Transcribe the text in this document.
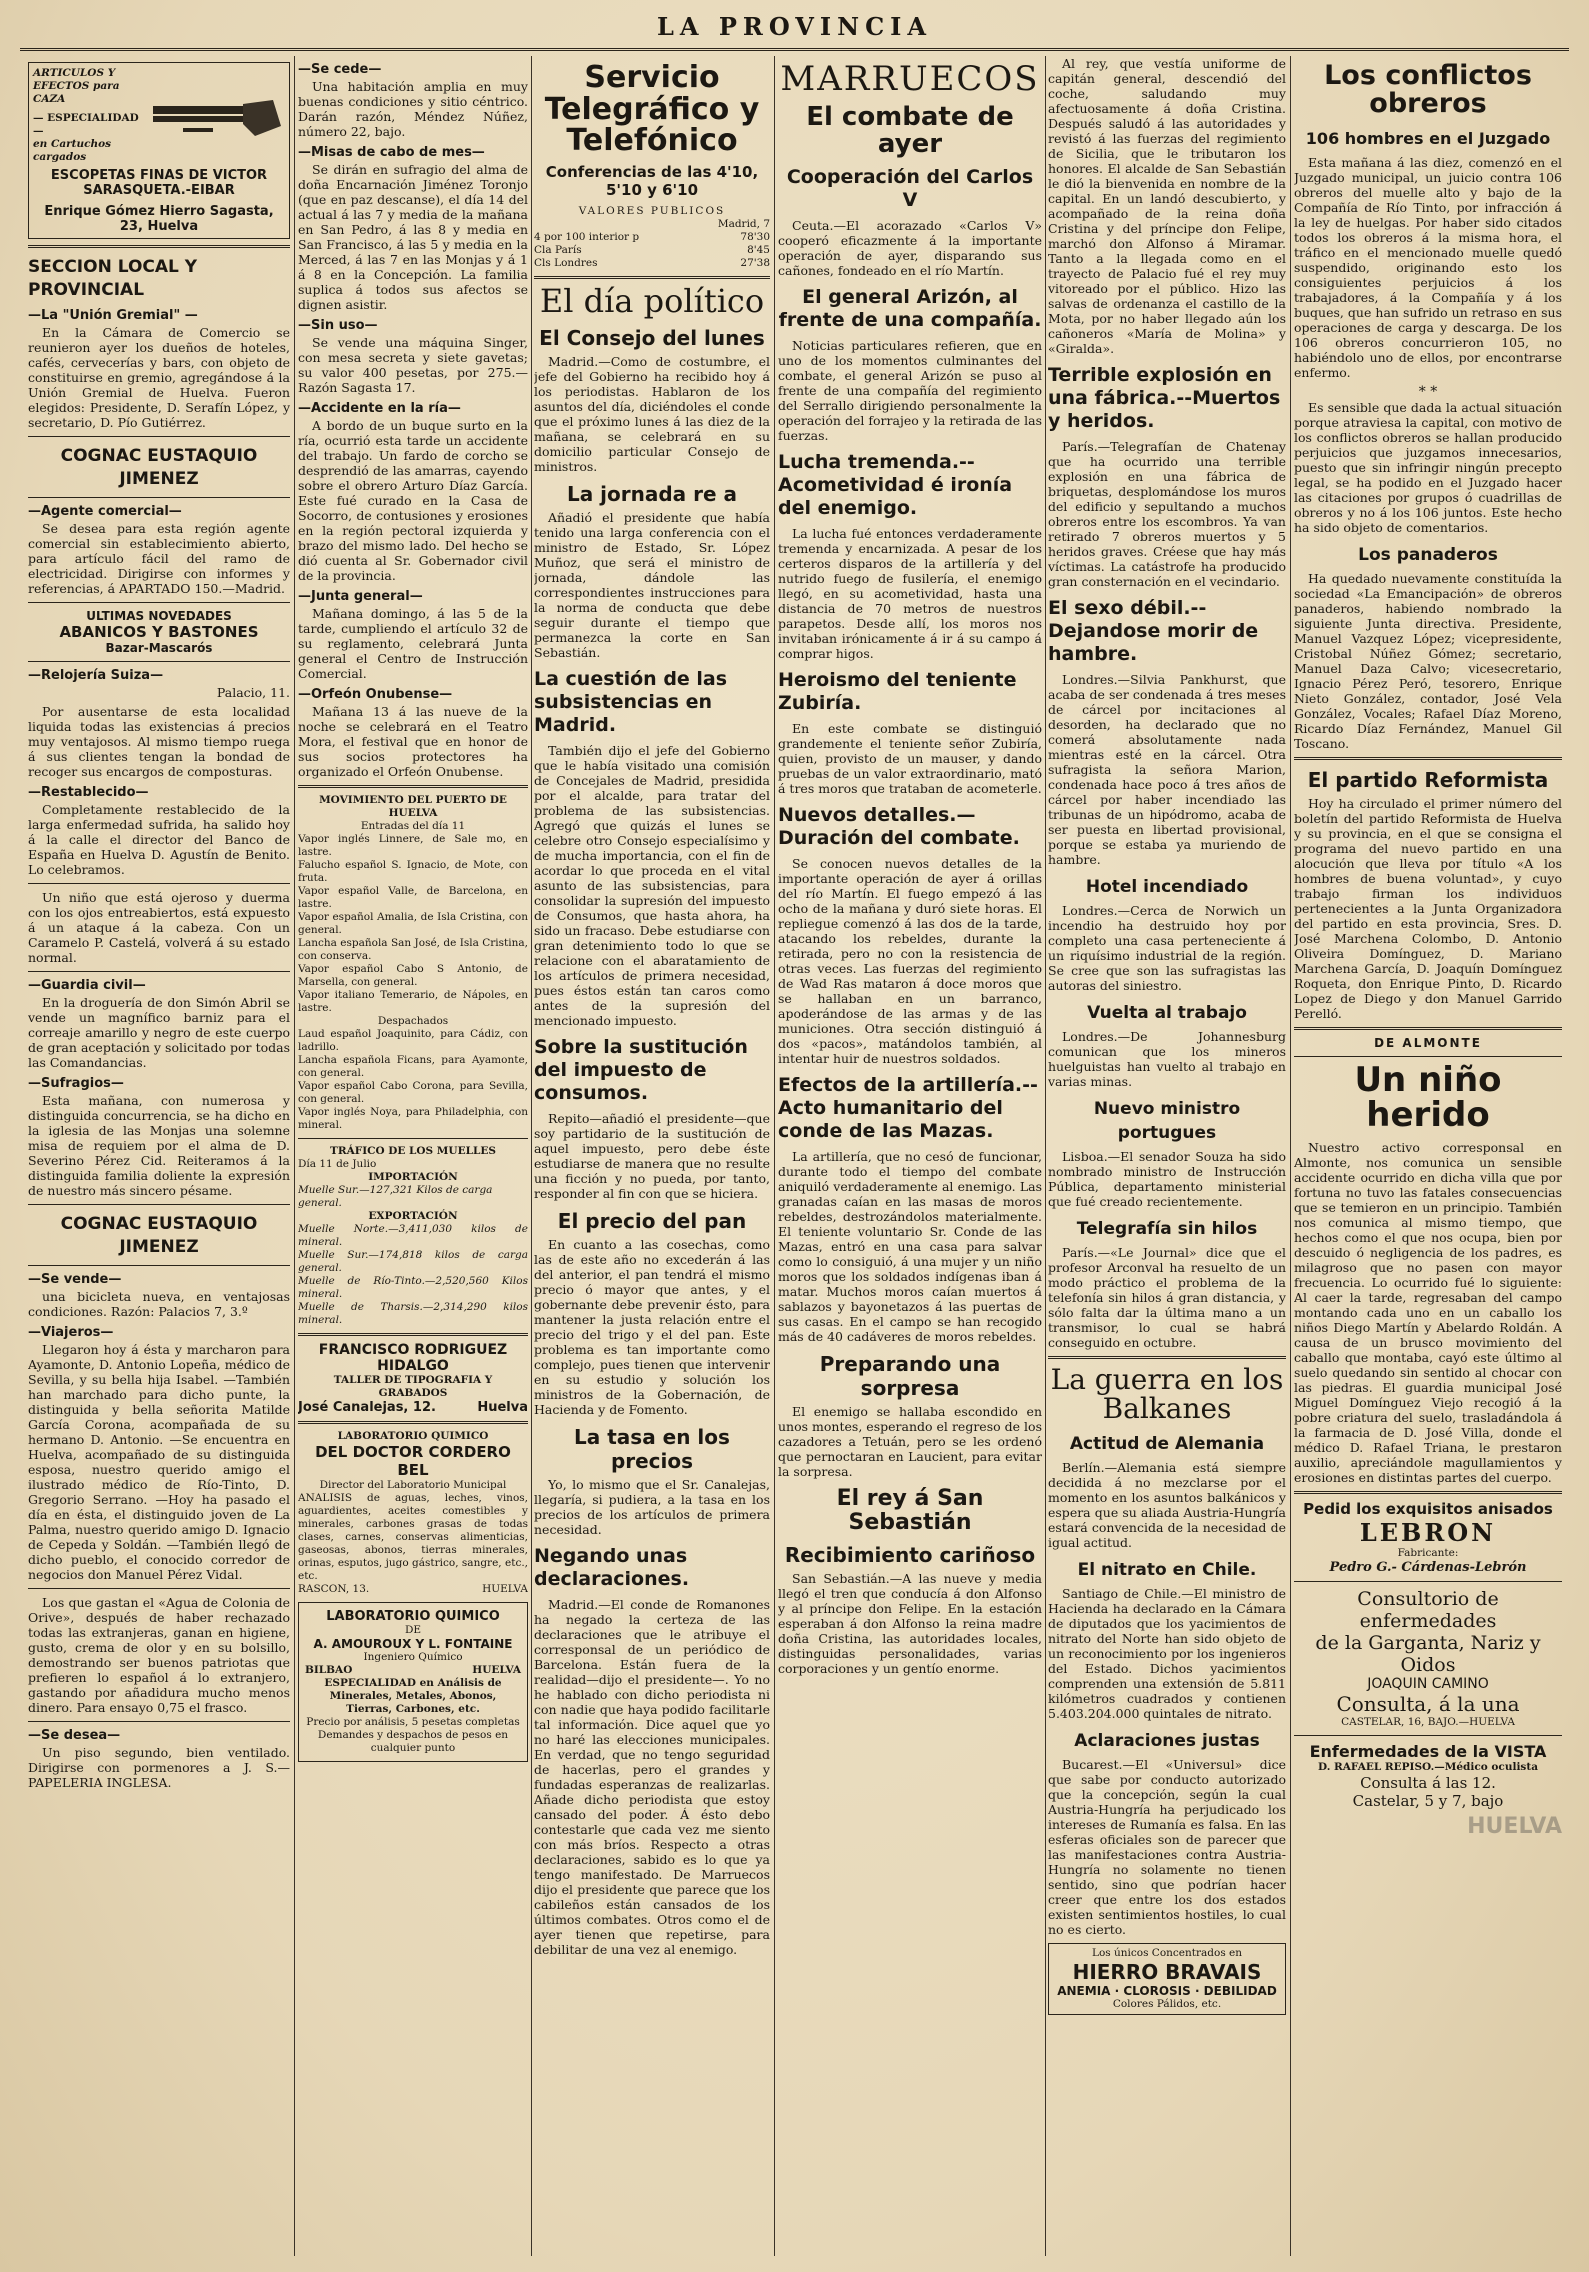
LA PROVINCIA
ARTICULOS Y EFECTOS para CAZA
— ESPECIALIDAD —
en Cartuchos cargados
ESCOPETAS FINAS DE VICTOR SARASQUETA.-EIBAR
Enrique Gómez Hierro Sagasta, 23, Huelva
SECCION LOCAL Y PROVINCIAL
—La "Unión Gremial" —

En la Cámara de Comercio se reunieron ayer los dueños de hoteles, cafés, cervecerías y bars, con objeto de constituirse en gremio, agregándose á la Unión Gremial de Huelva. Fueron elegidos: Presidente, D. Serafín López, y secretario, D. Pío Gutiérrez.

COGNAC EUSTAQUIO JIMENEZ
—Agente comercial—

Se desea para esta región agente comercial sin establecimiento abierto, para artículo fácil del ramo de electricidad. Dirigirse con informes y referencias, á APARTADO 150.—Madrid.

ULTIMAS NOVEDADES
ABANICOS Y BASTONES
Bazar-Mascarós
—Relojería Suiza—

Palacio, 11.

Por ausentarse de esta localidad liquida todas las existencias á precios muy ventajosos. Al mismo tiempo ruega á sus clientes tengan la bondad de recoger sus encargos de composturas.

—Restablecido—

Completamente restablecido de la larga enfermedad sufrida, ha salido hoy á la calle el director del Banco de España en Huelva D. Agustín de Benito. Lo celebramos.

Un niño que está ojeroso y duerma con los ojos entreabiertos, está expuesto á un ataque á la cabeza. Con un Caramelo P. Castelá, volverá á su estado normal.

—Guardia civil—

En la droguería de don Simón Abril se vende un magnífico barniz para el correaje amarillo y negro de este cuerpo de gran aceptación y solicitado por todas las Comandancias.

—Sufragios—

Esta mañana, con numerosa y distinguida concurrencia, se ha dicho en la iglesia de las Monjas una solemne misa de requiem por el alma de D. Severino Pérez Cid. Reiteramos á la distinguida familia doliente la expresión de nuestro más sincero pésame.

COGNAC EUSTAQUIO JIMENEZ
—Se vende—

una bicicleta nueva, en ventajosas condiciones. Razón: Palacios 7, 3.º

—Viajeros—

Llegaron hoy á ésta y marcharon para Ayamonte, D. Antonio Lopeña, médico de Sevilla, y su bella hija Isabel. —También han marchado para dicho punte, la distinguida y bella señorita Matilde García Corona, acompañada de su hermano D. Antonio. —Se encuentra en Huelva, acompañado de su distinguida esposa, nuestro querido amigo el ilustrado médico de Río-Tinto, D. Gregorio Serrano. —Hoy ha pasado el día en ésta, el distinguido joven de La Palma, nuestro querido amigo D. Ignacio de Cepeda y Soldán. —También llegó de dicho pueblo, el conocido corredor de negocios don Manuel Pérez Vidal.

Los que gastan el «Agua de Colonia de Orive», después de haber rechazado todas las extranjeras, ganan en higiene, gusto, crema de olor y en su bolsillo, demostrando ser buenos patriotas que prefieren lo español á lo extranjero, gastando por añadidura mucho menos dinero. Para ensayo 0,75 el frasco.

—Se desea—

Un piso segundo, bien ventilado. Dirigirse con pormenores a J. S.— PAPELERIA INGLESA.

—Se cede—

Una habitación amplia en muy buenas condiciones y sitio céntrico. Darán razón, Méndez Núñez, número 22, bajo.

—Misas de cabo de mes—

Se dirán en sufragio del alma de doña Encarnación Jiménez Toronjo (que en paz descanse), el día 14 del actual á las 7 y media de la mañana en San Pedro, á las 8 y media en San Francisco, á las 5 y media en la Merced, á las 7 en las Monjas y á 1 á 8 en la Concepción. La familia suplica á todos sus afectos se dignen asistir.

—Sin uso—

Se vende una máquina Singer, con mesa secreta y siete gavetas; su valor 400 pesetas, por 275.—Razón Sagasta 17.

—Accidente en la ría—

A bordo de un buque surto en la ría, ocurrió esta tarde un accidente del trabajo. Un fardo de corcho se desprendió de las amarras, cayendo sobre el obrero Arturo Díaz García. Este fué curado en la Casa de Socorro, de contusiones y erosiones en la región pectoral izquierda y brazo del mismo lado. Del hecho se dió cuenta al Sr. Gobernador civil de la provincia.

—Junta general—

Mañana domingo, á las 5 de la tarde, cumpliendo el artículo 32 de su reglamento, celebrará Junta general el Centro de Instrucción Comercial.

—Orfeón Onubense—

Mañana 13 á las nueve de la noche se celebrará en el Teatro Mora, el festival que en honor de sus socios protectores ha organizado el Orfeón Onubense.

MOVIMIENTO DEL PUERTO DE HUELVA
Entradas del día 11
Vapor inglés Linnere, de Sale mo, en lastre.
Falucho español S. Ignacio, de Mote, con fruta.
Vapor español Valle, de Barcelona, en lastre.
Vapor español Amalia, de Isla Cristina, con general.
Lancha española San José, de Isla Cristina, con conserva.
Vapor español Cabo S Antonio, de Marsella, con general.
Vapor italiano Temerario, de Nápoles, en lastre.
Despachados
Laud español Joaquinito, para Cádiz, con ladrillo.
Lancha española Ficans, para Ayamonte, con general.
Vapor español Cabo Corona, para Sevilla, con general.
Vapor inglés Noya, para Philadelphia, con mineral.
TRÁFICO DE LOS MUELLES
Día 11 de Julio
IMPORTACIÓN
Muelle Sur.—127,321 Kilos de carga general.
EXPORTACIÓN
Muelle Norte.—3,411,030 kilos de mineral.
Muelle Sur.—174,818 kilos de carga general.
Muelle de Río-Tinto.—2,520,560 Kilos mineral.
Muelle de Tharsis.—2,314,290 kilos mineral.
FRANCISCO RODRIGUEZ HIDALGO
TALLER DE TIPOGRAFIA Y GRABADOS
José Canalejas, 12.	Huelva
LABORATORIO QUIMICO
DEL DOCTOR CORDERO BEL
Director del Laboratorio Municipal
ANALISIS de aguas, leches, vinos, aguardientes, aceites comestibles y minerales, carbones grasas de todas clases, carnes, conservas alimenticias, gaseosas, abonos, tierras minerales, orinas, esputos, jugo gástrico, sangre, etc., etc.
RASCON, 13.	HUELVA
LABORATORIO QUIMICO
DE
A. AMOUROUX Y L. FONTAINE
Ingeniero Químico
BILBAO	HUELVA
ESPECIALIDAD en Análisis de Minerales, Metales, Abonos, Tierras, Carbones, etc.
Precio por análisis, 5 pesetas completas
Demandes y despachos de pesos en cualquier punto
Servicio Telegráfico y Telefónico
Conferencias de las 4'10, 5'10 y 6'10
VALORES PUBLICOS
Madrid, 7
4 por 100 interior p	78'30
Cla París	8'45
Cls Londres	27'38
El día político
El Consejo del lunes

Madrid.—Como de costumbre, el jefe del Gobierno ha recibido hoy á los periodistas. Hablaron de los asuntos del día, diciéndoles el conde que el próximo lunes á las diez de la mañana, se celebrará en su domicilio particular Consejo de ministros.

La jornada re a

Añadió el presidente que había tenido una larga conferencia con el ministro de Estado, Sr. López Muñoz, que será el ministro de jornada, dándole las correspondientes instrucciones para la norma de conducta que debe seguir durante el tiempo que permanezca la corte en San Sebastián.

La cuestión de las subsistencias en Madrid.

También dijo el jefe del Gobierno que le había visitado una comisión de Concejales de Madrid, presidida por el alcalde, para tratar del problema de las subsistencias. Agregó que quizás el lunes se celebre otro Consejo especialísimo y de mucha importancia, con el fin de acordar lo que proceda en el vital asunto de las subsistencias, para consolidar la supresión del impuesto de Consumos, que hasta ahora, ha sido un fracaso. Debe estudiarse con gran detenimiento todo lo que se relacione con el abaratamiento de los artículos de primera necesidad, pues éstos están tan caros como antes de la supresión del mencionado impuesto.

Sobre la sustitución del impuesto de consumos.

Repito—añadió el presidente—que soy partidario de la sustitución de aquel impuesto, pero debe éste estudiarse de manera que no resulte una ficción y no pueda, por tanto, responder al fin con que se hiciera.

El precio del pan

En cuanto a las cosechas, como las de este año no excederán á las del anterior, el pan tendrá el mismo precio ó mayor que antes, y el gobernante debe prevenir ésto, para mantener la justa relación entre el precio del trigo y el del pan. Este problema es tan importante como complejo, pues tienen que intervenir en su estudio y solución los ministros de la Gobernación, de Hacienda y de Fomento.

La tasa en los precios

Yo, lo mismo que el Sr. Canalejas, llegaría, si pudiera, a la tasa en los precios de los artículos de primera necesidad.

Negando unas declaraciones.

Madrid.—El conde de Romanones ha negado la certeza de las declaraciones que le atribuye el corresponsal de un periódico de Barcelona. Están fuera de la realidad—dijo el presidente—. Yo no he hablado con dicho periodista ni con nadie que haya podido facilitarle tal información. Dice aquel que yo no haré las elecciones municipales. En verdad, que no tengo seguridad de hacerlas, pero el grandes y fundadas esperanzas de realizarlas. Añade dicho periodista que estoy cansado del poder. Á ésto debo contestarle que cada vez me siento con más bríos. Respecto a otras declaraciones, sabido es lo que ya tengo manifestado. De Marruecos dijo el presidente que parece que los cabileños están cansados de los últimos combates. Otros como el de ayer tienen que repetirse, para debilitar de una vez al enemigo.

MARRUECOS
El combate de ayer
Cooperación del Carlos V

Ceuta.—El acorazado «Carlos V» cooperó eficazmente á la importante operación de ayer, disparando sus cañones, fondeado en el río Martín.

El general Arizón, al frente de una compañía.

Noticias particulares refieren, que en uno de los momentos culminantes del combate, el general Arizón se puso al frente de una compañía del regimiento del Serrallo dirigiendo personalmente la operación del forrajeo y la retirada de las fuerzas.

Lucha tremenda.--Acometividad é ironía del enemigo.

La lucha fué entonces verdaderamente tremenda y encarnizada. A pesar de los certeros disparos de la artillería y del nutrido fuego de fusilería, el enemigo llegó, en su acometividad, hasta una distancia de 70 metros de nuestros parapetos. Desde allí, los moros nos invitaban irónicamente á ir á su campo á comprar higos.

Heroismo del teniente Zubiría.

En este combate se distinguió grandemente el teniente señor Zubiría, quien, provisto de un mauser, y dando pruebas de un valor extraordinario, mató á tres moros que trataban de acometerle.

Nuevos detalles.—Duración del combate.

Se conocen nuevos detalles de la importante operación de ayer á orillas del río Martín. El fuego empezó á las ocho de la mañana y duró siete horas. El repliegue comenzó á las dos de la tarde, atacando los rebeldes, durante la retirada, pero no con la resistencia de otras veces. Las fuerzas del regimiento de Wad Ras mataron á doce moros que se hallaban en un barranco, apoderándose de las armas y de las municiones. Otra sección distinguió á dos «pacos», matándolos también, al intentar huir de nuestros soldados.

Efectos de la artillería.-- Acto humanitario del conde de las Mazas.

La artillería, que no cesó de funcionar, durante todo el tiempo del combate aniquiló verdaderamente al enemigo. Las granadas caían en las masas de moros rebeldes, destrozándolos materialmente. El teniente voluntario Sr. Conde de las Mazas, entró en una casa para salvar como lo consiguió, á una mujer y un niño moros que los soldados indígenas iban á matar. Muchos moros caían muertos á sablazos y bayonetazos á las puertas de sus casas. En el campo se han recogido más de 40 cadáveres de moros rebeldes.

Preparando una sorpresa

El enemigo se hallaba escondido en unos montes, esperando el regreso de los cazadores a Tetuán, pero se les ordenó que pernoctaran en Laucient, para evitar la sorpresa.

El rey á San Sebastián
Recibimiento cariñoso

San Sebastián.—A las nueve y media llegó el tren que conducía á don Alfonso y al príncipe don Felipe. En la estación esperaban á don Alfonso la reina madre doña Cristina, las autoridades locales, distinguidas personalidades, varias corporaciones y un gentío enorme.

Al rey, que vestía uniforme de capitán general, descendió del coche, saludando muy afectuosamente á doña Cristina. Después saludó á las autoridades y revistó á las fuerzas del regimiento de Sicilia, que le tributaron los honores. El alcalde de San Sebastián le dió la bienvenida en nombre de la capital. En un landó descubierto, y acompañado de la reina doña Cristina y del príncipe don Felipe, marchó don Alfonso á Miramar. Tanto a la llegada como en el trayecto de Palacio fué el rey muy vitoreado por el público. Hizo las salvas de ordenanza el castillo de la Mota, por no haber llegado aún los cañoneros «María de Molina» y «Giralda».

Terrible explosión en una fábrica.--Muertos y heridos.

París.—Telegrafían de Chatenay que ha ocurrido una terrible explosión en una fábrica de briquetas, desplomándose los muros del edificio y sepultando a muchos obreros entre los escombros. Ya van retirado 7 obreros muertos y 5 heridos graves. Créese que hay más víctimas. La catástrofe ha producido gran consternación en el vecindario.

El sexo débil.--Dejandose morir de hambre.

Londres.—Silvia Pankhurst, que acaba de ser condenada á tres meses de cárcel por incitaciones al desorden, ha declarado que no comerá absolutamente nada mientras esté en la cárcel. Otra sufragista la señora Marion, condenada hace poco á tres años de cárcel por haber incendiado las tribunas de un hipódromo, acaba de ser puesta en libertad provisional, porque se estaba ya muriendo de hambre.

Hotel incendiado

Londres.—Cerca de Norwich un incendio ha destruido hoy por completo una casa perteneciente á un riquísimo industrial de la región. Se cree que son las sufragistas las autoras del siniestro.

Vuelta al trabajo

Londres.—De Johannesburg comunican que los mineros huelguistas han vuelto al trabajo en varias minas.

Nuevo ministro portugues

Lisboa.—El senador Souza ha sido nombrado ministro de Instrucción Pública, departamento ministerial que fué creado recientemente.

Telegrafía sin hilos

París.—«Le Journal» dice que el profesor Arconval ha resuelto de un modo práctico el problema de la telefonía sin hilos á gran distancia, y sólo falta dar la última mano a un transmisor, lo cual se habrá conseguido en octubre.

La guerra en los Balkanes
Actitud de Alemania

Berlín.—Alemania está siempre decidida á no mezclarse por el momento en los asuntos balkánicos y espera que su aliada Austria-Hungría estará convencida de la necesidad de igual actitud.

El nitrato en Chile.

Santiago de Chile.—El ministro de Hacienda ha declarado en la Cámara de diputados que los yacimientos de nitrato del Norte han sido objeto de un reconocimiento por los ingenieros del Estado. Dichos yacimientos comprenden una extensión de 5.811 kilómetros cuadrados y contienen 5.403.204.000 quintales de nitrato.

Aclaraciones justas

Bucarest.—El «Universul» dice que sabe por conducto autorizado que la concepción, según la cual Austria-Hungría ha perjudicado los intereses de Rumanía es falsa. En las esferas oficiales son de parecer que las manifestaciones contra Austria-Hungría no solamente no tienen sentido, sino que podrían hacer creer que entre los dos estados existen sentimientos hostiles, lo cual no es cierto.

Los únicos Concentrados en
HIERRO BRAVAIS
ANEMIA · CLOROSIS · DEBILIDAD
Colores Pálidos, etc.
Los conflictos obreros
106 hombres en el Juzgado

Esta mañana á las diez, comenzó en el Juzgado municipal, un juicio contra 106 obreros del muelle alto y bajo de la Compañía de Río Tinto, por infracción á la ley de huelgas. Por haber sido citados todos los obreros á la misma hora, el tráfico en el mencionado muelle quedó suspendido, originando esto los consiguientes perjuicios á los trabajadores, á la Compañía y á los buques, que han sufrido un retraso en sus operaciones de carga y descarga. De los 106 obreros concurrieron 105, no habiéndolo uno de ellos, por encontrarse enfermo.

* *

Es sensible que dada la actual situación porque atraviesa la capital, con motivo de los conflictos obreros se hallan producido perjuicios que juzgamos innecesarios, puesto que sin infringir ningún precepto legal, se ha podido en el Juzgado hacer las citaciones por grupos ó cuadrillas de obreros y no á los 106 juntos. Este hecho ha sido objeto de comentarios.

Los panaderos

Ha quedado nuevamente constituída la sociedad «La Emancipación» de obreros panaderos, habiendo nombrado la siguiente Junta directiva. Presidente, Manuel Vazquez López; vicepresidente, Cristobal Núñez Gómez; secretario, Manuel Daza Calvo; vicesecretario, Ignacio Pérez Peró, tesorero, Enrique Nieto González, contador, José Vela González, Vocales; Rafael Díaz Moreno, Ricardo Díaz Fernández, Manuel Gil Toscano.

El partido Reformista

Hoy ha circulado el primer número del boletín del partido Reformista de Huelva y su provincia, en el que se consigna el programa del nuevo partido en una alocución que lleva por título «A los hombres de buena voluntad», y cuyo trabajo firman los individuos pertenecientes a la Junta Organizadora del partido en esta provincia, Sres. D. José Marchena Colombo, D. Antonio Oliveira Domínguez, D. Mariano Marchena García, D. Joaquín Domínguez Roqueta, don Enrique Pinto, D. Ricardo Lopez de Diego y don Manuel Garrido Perelló.

DE ALMONTE
Un niño herido

Nuestro activo corresponsal en Almonte, nos comunica un sensible accidente ocurrido en dicha villa que por fortuna no tuvo las fatales consecuencias que se temieron en un principio. También nos comunica al mismo tiempo, que hechos como el que nos ocupa, bien por descuido ó negligencia de los padres, es milagroso que no pasen con mayor frecuencia. Lo ocurrido fué lo siguiente: Al caer la tarde, regresaban del campo montando cada uno en un caballo los niños Diego Martín y Abelardo Roldán. A causa de un brusco movimiento del caballo que montaba, cayó este último al suelo quedando sin sentido al chocar con las piedras. El guardia municipal José Miguel Domínguez Viejo recogió á la pobre criatura del suelo, trasladándola á la farmacia de D. José Villa, donde el médico D. Rafael Triana, le prestaron auxilio, apreciándole magullamientos y erosiones en distintas partes del cuerpo.

Pedid los exquisitos anisados
LEBRON
Fabricante:
Pedro G.- Cárdenas-Lebrón
Consultorio de enfermedades
de la Garganta, Nariz y Oidos
JOAQUIN CAMINO
Consulta, á la una
CASTELAR, 16, BAJO.—HUELVA
Enfermedades de la VISTA
D. RAFAEL REPISO.—Médico oculista
Consulta á las 12.
Castelar, 5 y 7, bajo
HUELVA
